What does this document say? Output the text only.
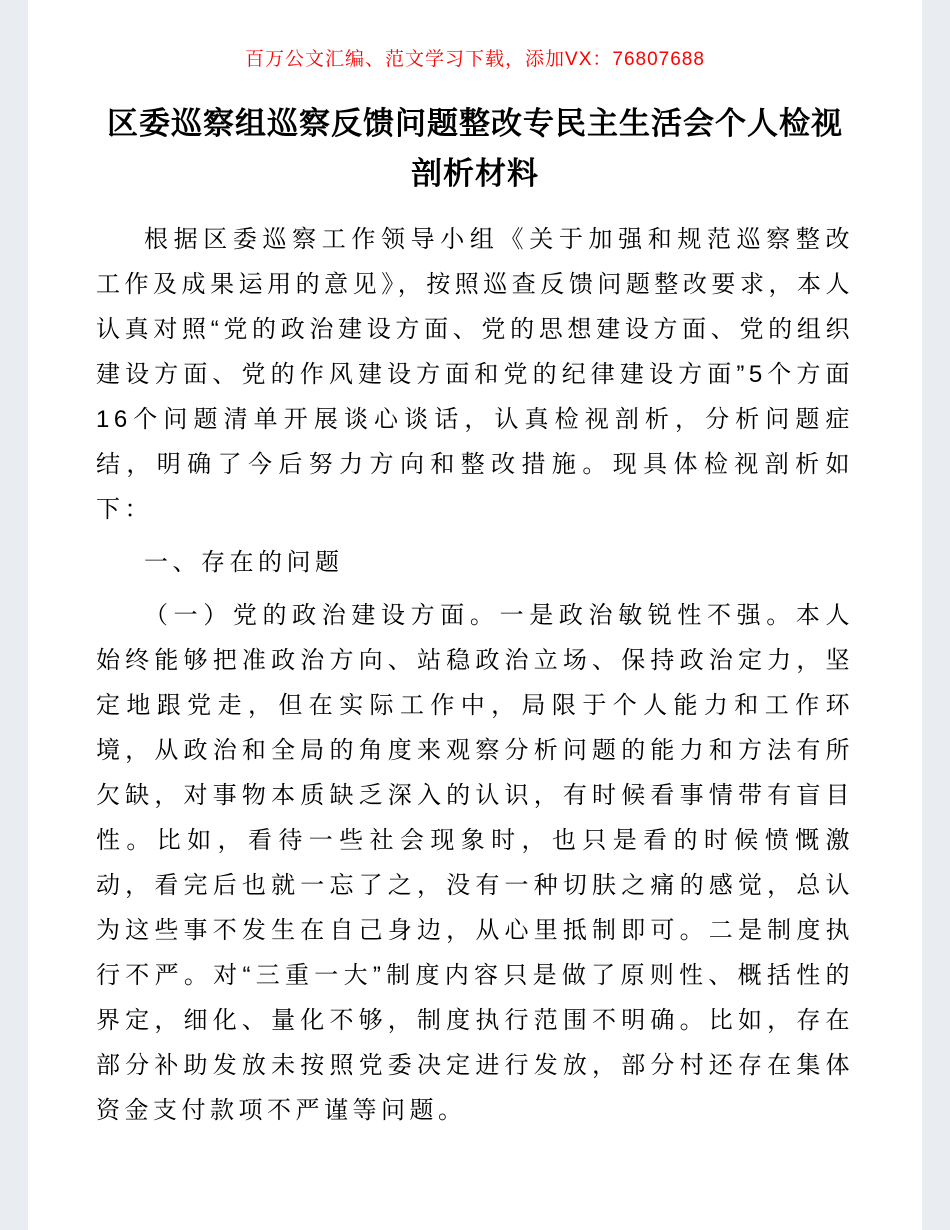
百万公文汇编、范文学习下载，添加VX：76807688
区委巡察组巡察反馈问题整改专民主生活会个人检视剖析材料

根据区委巡察工作领导小组《关于加强和规范巡察整改工作及成果运用的意见》，按照巡查反馈问题整改要求，本人认真对照“党的政治建设方面、党的思想建设方面、党的组织建设方面、党的作风建设方面和党的纪律建设方面”5个方面16个问题清单开展谈心谈话，认真检视剖析，分析问题症结，明确了今后努力方向和整改措施。现具体检视剖析如下：

一、存在的问题

（一）党的政治建设方面。一是政治敏锐性不强。本人始终能够把准政治方向、站稳政治立场、保持政治定力，坚定地跟党走，但在实际工作中，局限于个人能力和工作环境，从政治和全局的角度来观察分析问题的能力和方法有所欠缺，对事物本质缺乏深入的认识，有时候看事情带有盲目性。比如，看待一些社会现象时，也只是看的时候愤慨激动，看完后也就一忘了之，没有一种切肤之痛的感觉，总认为这些事不发生在自己身边，从心里抵制即可。二是制度执行不严。对“三重一大”制度内容只是做了原则性、概括性的界定，细化、量化不够，制度执行范围不明确。比如，存在部分补助发放未按照党委决定进行发放，部分村还存在集体资金支付款项不严谨等问题。
